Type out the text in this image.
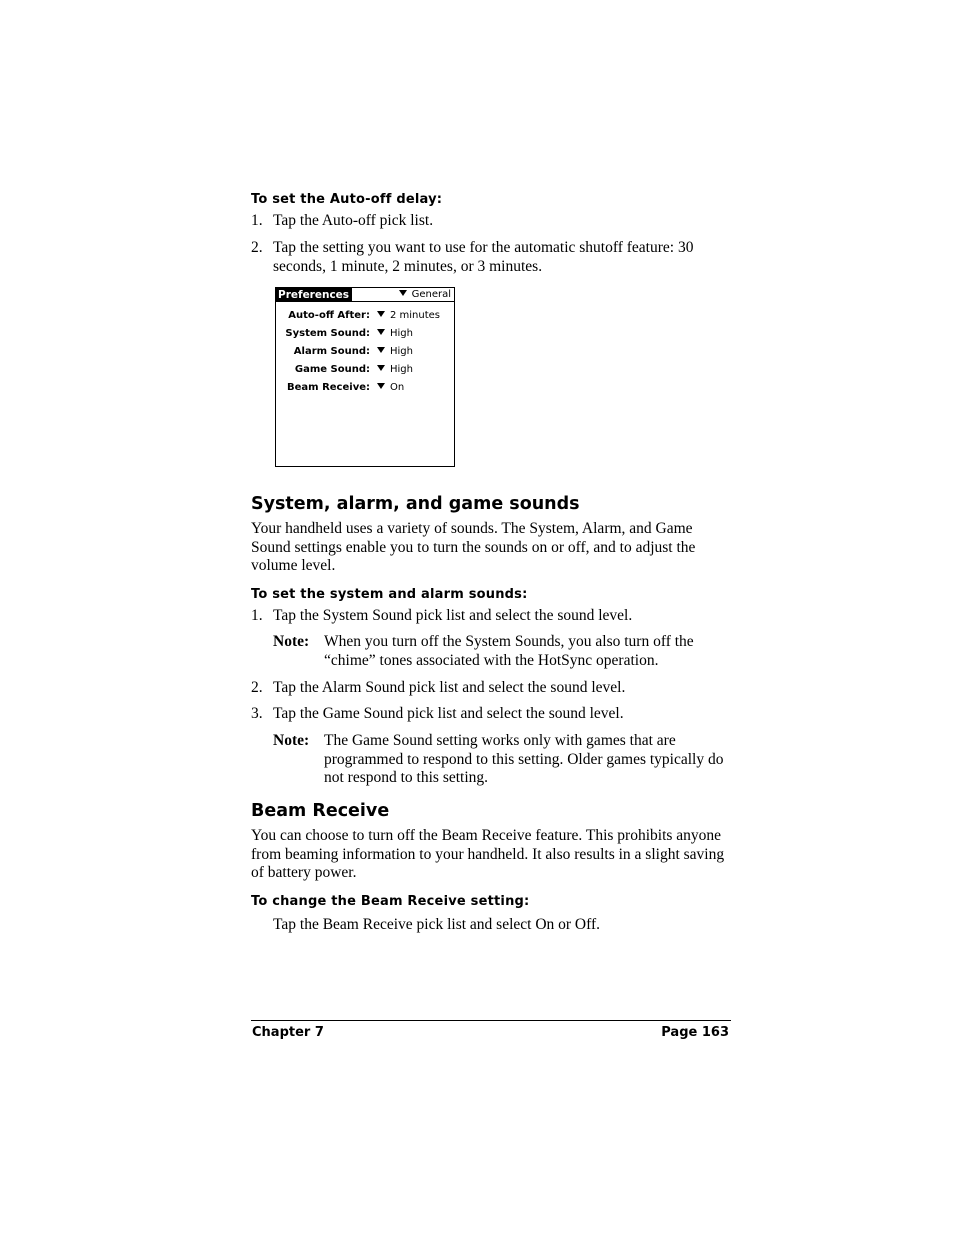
To set the Auto-off delay:
1. Tap the Auto-off pick list.
2. Tap the setting you want to use for the automatic shutoff feature: 30 seconds, 1 minute, 2 minutes, or 3 minutes.
Preferences	General
Auto-off After:	2 minutes
System Sound:	High
Alarm Sound:	High
Game Sound:	High
Beam Receive:	On
System, alarm, and game sounds
Your handheld uses a variety of sounds. The System, Alarm, and Game Sound settings enable you to turn the sounds on or off, and to adjust the volume level.
To set the system and alarm sounds:
1. Tap the System Sound pick list and select the sound level.
Note: When you turn off the System Sounds, you also turn off the “chime” tones associated with the HotSync operation.
2. Tap the Alarm Sound pick list and select the sound level.
3. Tap the Game Sound pick list and select the sound level.
Note: The Game Sound setting works only with games that are programmed to respond to this setting. Older games typically do not respond to this setting.
Beam Receive
You can choose to turn off the Beam Receive feature. This prohibits anyone from beaming information to your handheld. It also results in a slight saving of battery power.
To change the Beam Receive setting:
Tap the Beam Receive pick list and select On or Off.
Chapter 7	Page 163
